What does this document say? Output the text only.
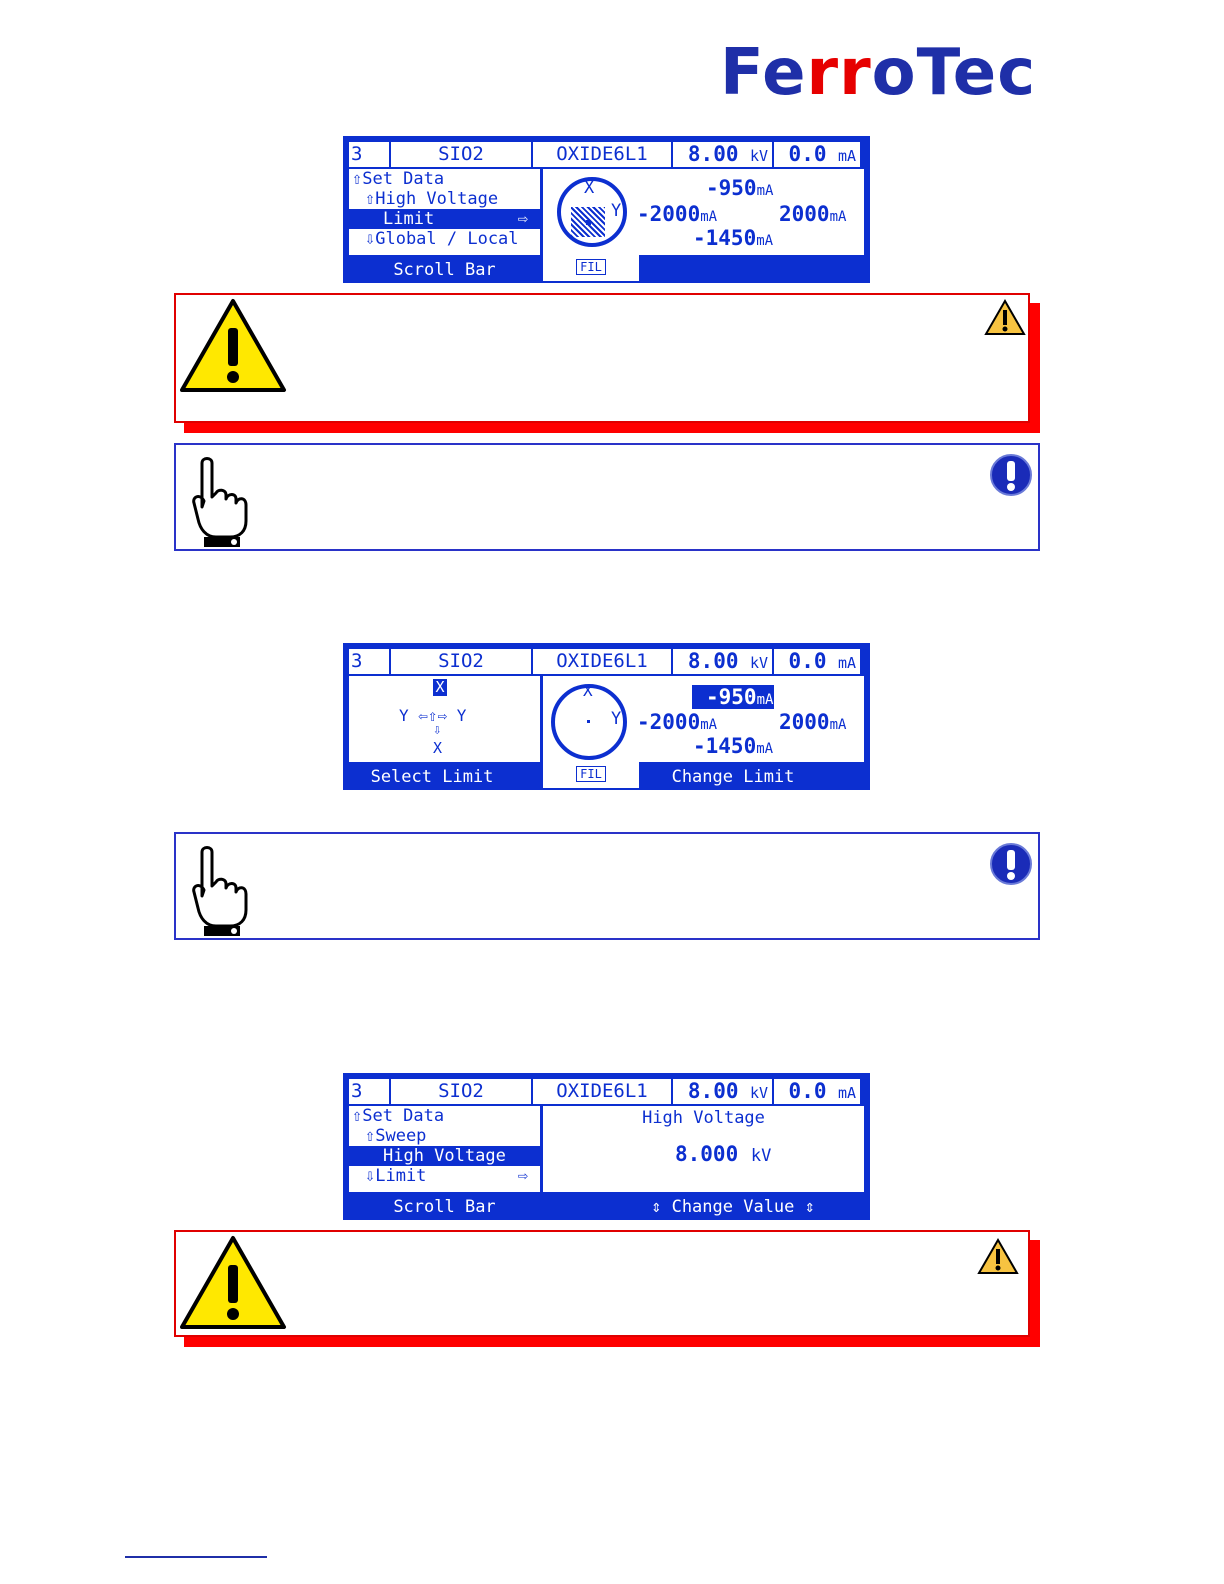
FerroTec
3	SIO2	OXIDE6L1	8.00 kV 0.0 mA
⇧Set Data
⇧High Voltage
Limit	⇨
⇩Global / Local
X
Y
-950mA
-2000mA	2000mA
-1450mA
FIL
Scroll Bar
3	SIO2	OXIDE6L1	8.00 kV 0.0 mA
X
Y ⇦⇧⇨ Y
⇩
X
X
Y
-950mA
-2000mA	2000mA
-1450mA
FIL
Select Limit	Change Limit
3	SIO2	OXIDE6L1	8.00 kV 0.0 mA
⇧Set Data
⇧Sweep
High Voltage
⇩Limit	⇨
High Voltage
8.000 kV
Scroll Bar	⇕ Change Value ⇕
